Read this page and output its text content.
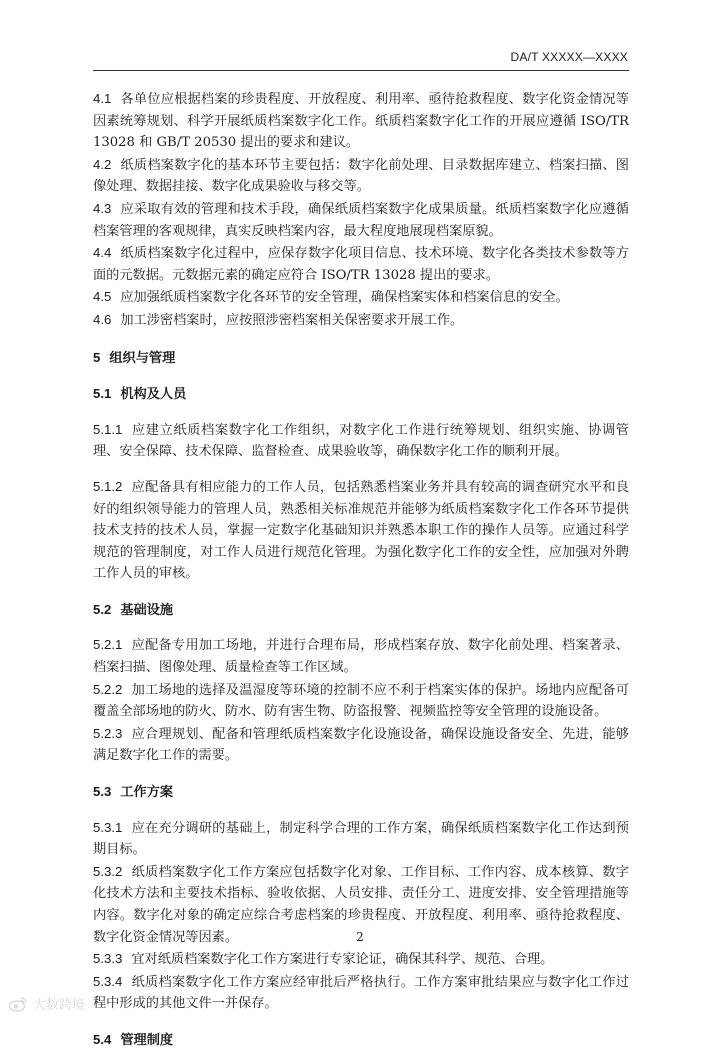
DA/T XXXXX—XXXX

4.1 各单位应根据档案的珍贵程度、开放程度、利用率、亟待抢救程度、数字化资金情况等因素统筹规划、科学开展纸质档案数字化工作。纸质档案数字化工作的开展应遵循 ISO/TR 13028 和 GB/T 20530 提出的要求和建议。

4.2 纸质档案数字化的基本环节主要包括：数字化前处理、目录数据库建立、档案扫描、图像处理、数据挂接、数字化成果验收与移交等。

4.3 应采取有效的管理和技术手段，确保纸质档案数字化成果质量。纸质档案数字化应遵循档案管理的客观规律，真实反映档案内容，最大程度地展现档案原貌。

4.4 纸质档案数字化过程中，应保存数字化项目信息、技术环境、数字化各类技术参数等方面的元数据。元数据元素的确定应符合 ISO/TR 13028 提出的要求。

4.5 应加强纸质档案数字化各环节的安全管理，确保档案实体和档案信息的安全。

4.6 加工涉密档案时，应按照涉密档案相关保密要求开展工作。

5 组织与管理

5.1 机构及人员

5.1.1 应建立纸质档案数字化工作组织，对数字化工作进行统筹规划、组织实施、协调管理、安全保障、技术保障、监督检查、成果验收等，确保数字化工作的顺利开展。

5.1.2 应配备具有相应能力的工作人员，包括熟悉档案业务并具有较高的调查研究水平和良好的组织领导能力的管理人员，熟悉相关标准规范并能够为纸质档案数字化工作各环节提供技术支持的技术人员，掌握一定数字化基础知识并熟悉本职工作的操作人员等。应通过科学规范的管理制度，对工作人员进行规范化管理。为强化数字化工作的安全性，应加强对外聘工作人员的审核。

5.2 基础设施

5.2.1 应配备专用加工场地，并进行合理布局，形成档案存放、数字化前处理、档案著录、档案扫描、图像处理、质量检查等工作区域。

5.2.2 加工场地的选择及温湿度等环境的控制不应不利于档案实体的保护。场地内应配备可覆盖全部场地的防火、防水、防有害生物、防盗报警、视频监控等安全管理的设施设备。

5.2.3 应合理规划、配备和管理纸质档案数字化设施设备，确保设施设备安全、先进，能够满足数字化工作的需要。

5.3 工作方案

5.3.1 应在充分调研的基础上，制定科学合理的工作方案，确保纸质档案数字化工作达到预期目标。

5.3.2 纸质档案数字化工作方案应包括数字化对象、工作目标、工作内容、成本核算、数字化技术方法和主要技术指标、验收依据、人员安排、责任分工、进度安排、安全管理措施等内容。数字化对象的确定应综合考虑档案的珍贵程度、开放程度、利用率、亟待抢救程度、数字化资金情况等因素。

5.3.3 宜对纸质档案数字化工作方案进行专家论证，确保其科学、规范、合理。

5.3.4 纸质档案数字化工作方案应经审批后严格执行。工作方案审批结果应与数字化工作过程中形成的其他文件一并保存。

5.4 管理制度

2
大数跨境
